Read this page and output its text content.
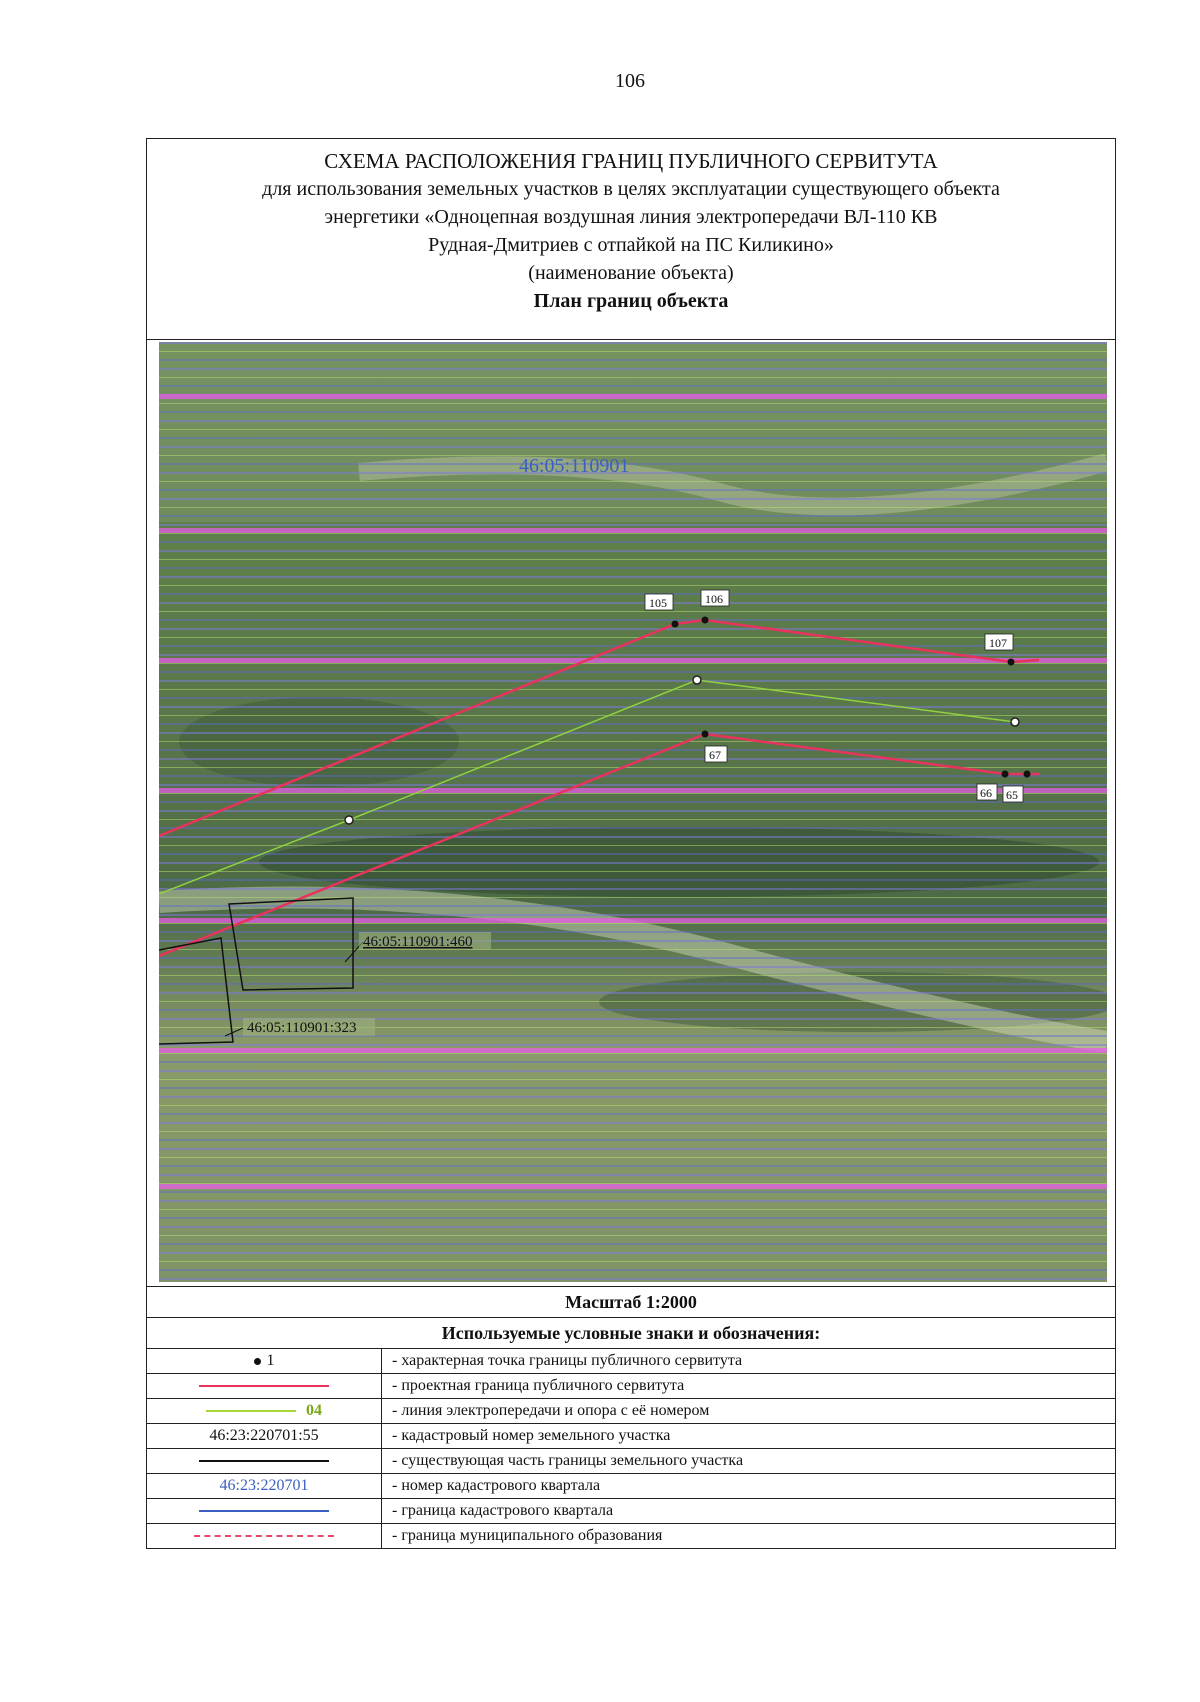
106
СХЕМА РАСПОЛОЖЕНИЯ ГРАНИЦ ПУБЛИЧНОГО СЕРВИТУТА
для использования земельных участков в целях эксплуатации существующего объекта
энергетики «Одноцепная воздушная линия электропередачи ВЛ-110 КВ
Рудная-Дмитриев с отпайкой на ПС Киликино»
(наименование объекта)
План границ объекта
46:05:110901
105	106
107
67
66 65
46:05:110901:460
46:05:110901:323
Масштаб 1:2000	
Используемые условные знаки и обозначения:	
1	- характерная точка границы публичного сервитута
	- проектная граница публичного сервитута
04	- линия электропередачи и опора с её номером
46:23:220701:55	- кадастровый номер земельного участка
	- существующая часть границы земельного участка
46:23:220701	- номер кадастрового квартала
	- граница кадастрового квартала
	- граница муниципального образования
